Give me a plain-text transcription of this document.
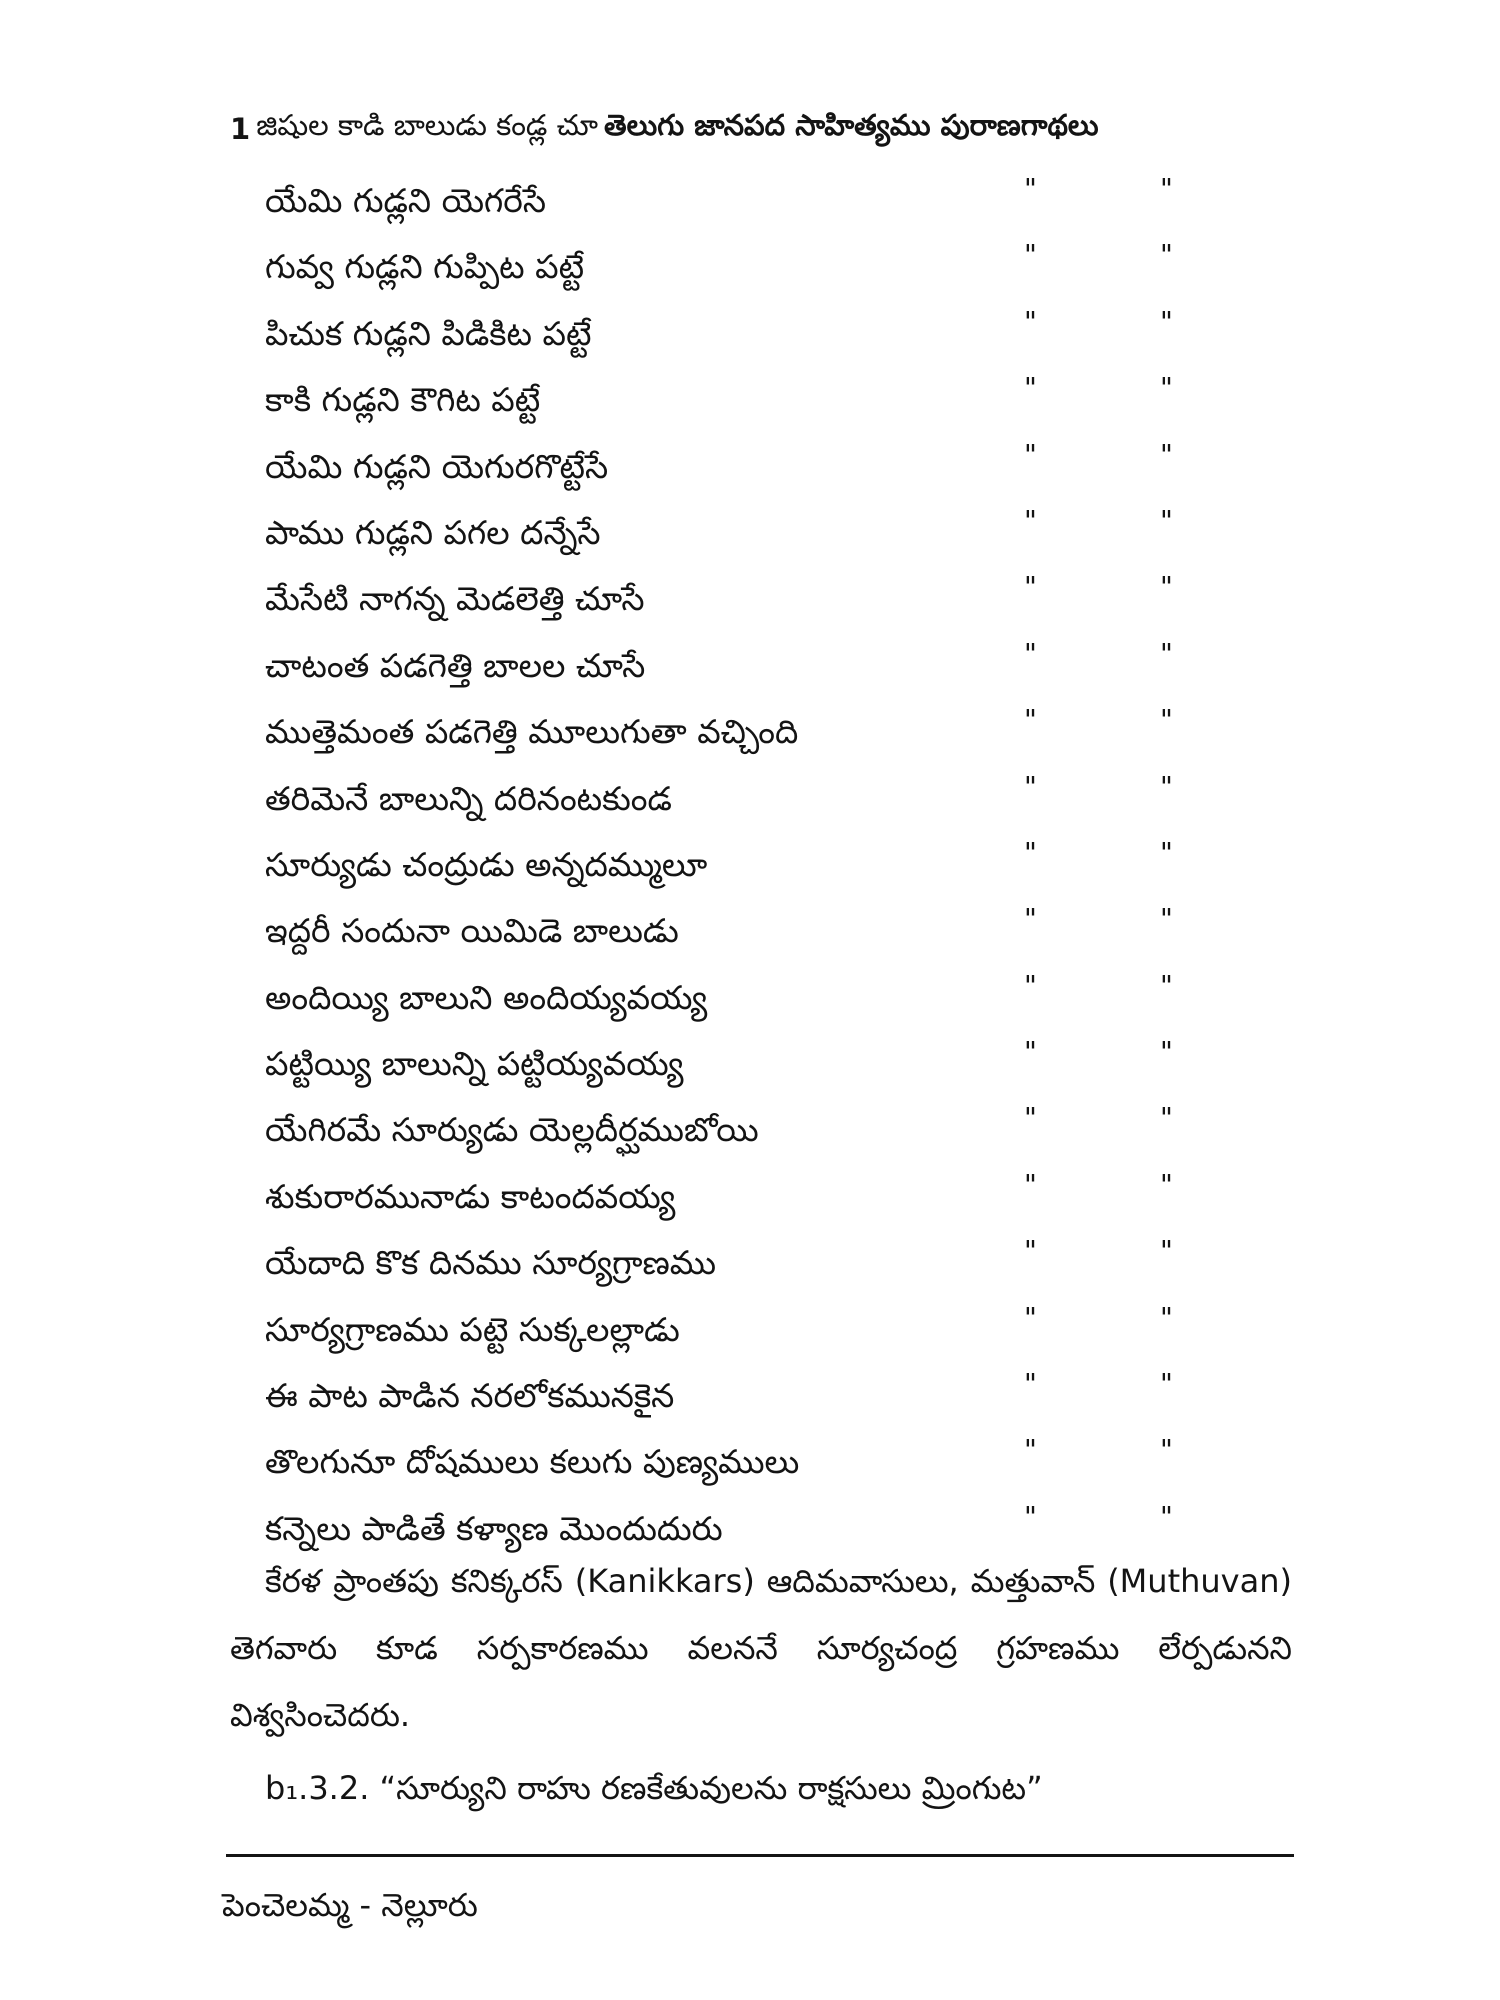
1 జిషుల కాడి బాలుడు కండ్ల చూ తెలుగు జానపద సాహిత్యము పురాణగాథలు
యేమి గుడ్లని యెగరేసే	"	"
గువ్వ గుడ్లని గుప్పిట పట్టే	"	"
పిచుక గుడ్లని పిడికిట పట్టే	"	"
కాకి గుడ్లని కౌగిట పట్టే	"	"
యేమి గుడ్లని యెగురగొట్టేసే	"	"
పాము గుడ్లని పగల దన్నేసే	"	"
మేసేటి నాగన్న మెడలెత్తి చూసే	"	"
చాటంత పడగెత్తి బాలల చూసే	"	"
ముత్తెమంత పడగెత్తి మూలుగుతా వచ్చింది	"	"
తరిమెనే బాలున్ని దరినంటకుండ	"	"
సూర్యుడు చంద్రుడు అన్నదమ్ములూ	"	"
ఇద్దరీ సందునా యిమిడె బాలుడు	"	"
అందియ్యి బాలుని అందియ్యవయ్య	"	"
పట్టియ్యి బాలున్ని పట్టియ్యవయ్య	"	"
యేగిరమే సూర్యుడు యెల్లదీర్ఘముబోయి	"	"
శుకురారమునాడు కాటందవయ్య	"	"
యేదాది కొక దినము సూర్యగ్రాణము	"	"
సూర్యగ్రాణము పట్టె సుక్కలల్లాడు	"	"
ఈ పాట పాడిన నరలోకమునకైన	"	"
తొలగునూ దోషములు కలుగు పుణ్యములు	"	"
కన్నెలు పాడితే కళ్యాణ మొందుదురు	"	"

కేరళ ప్రాంతపు కనిక్కరస్ (Kanikkars) ఆదిమవాసులు, మత్తువాన్ (Muthuvan) తెగవారు కూడ సర్పకారణము వలననే సూర్యచంద్ర గ్రహణము లేర్పడునని విశ్వసించెదరు.

b₁.3.2. “సూర్యుని రాహు రణకేతువులను రాక్షసులు మ్రింగుట”
పెంచెలమ్మ - నెల్లూరు
